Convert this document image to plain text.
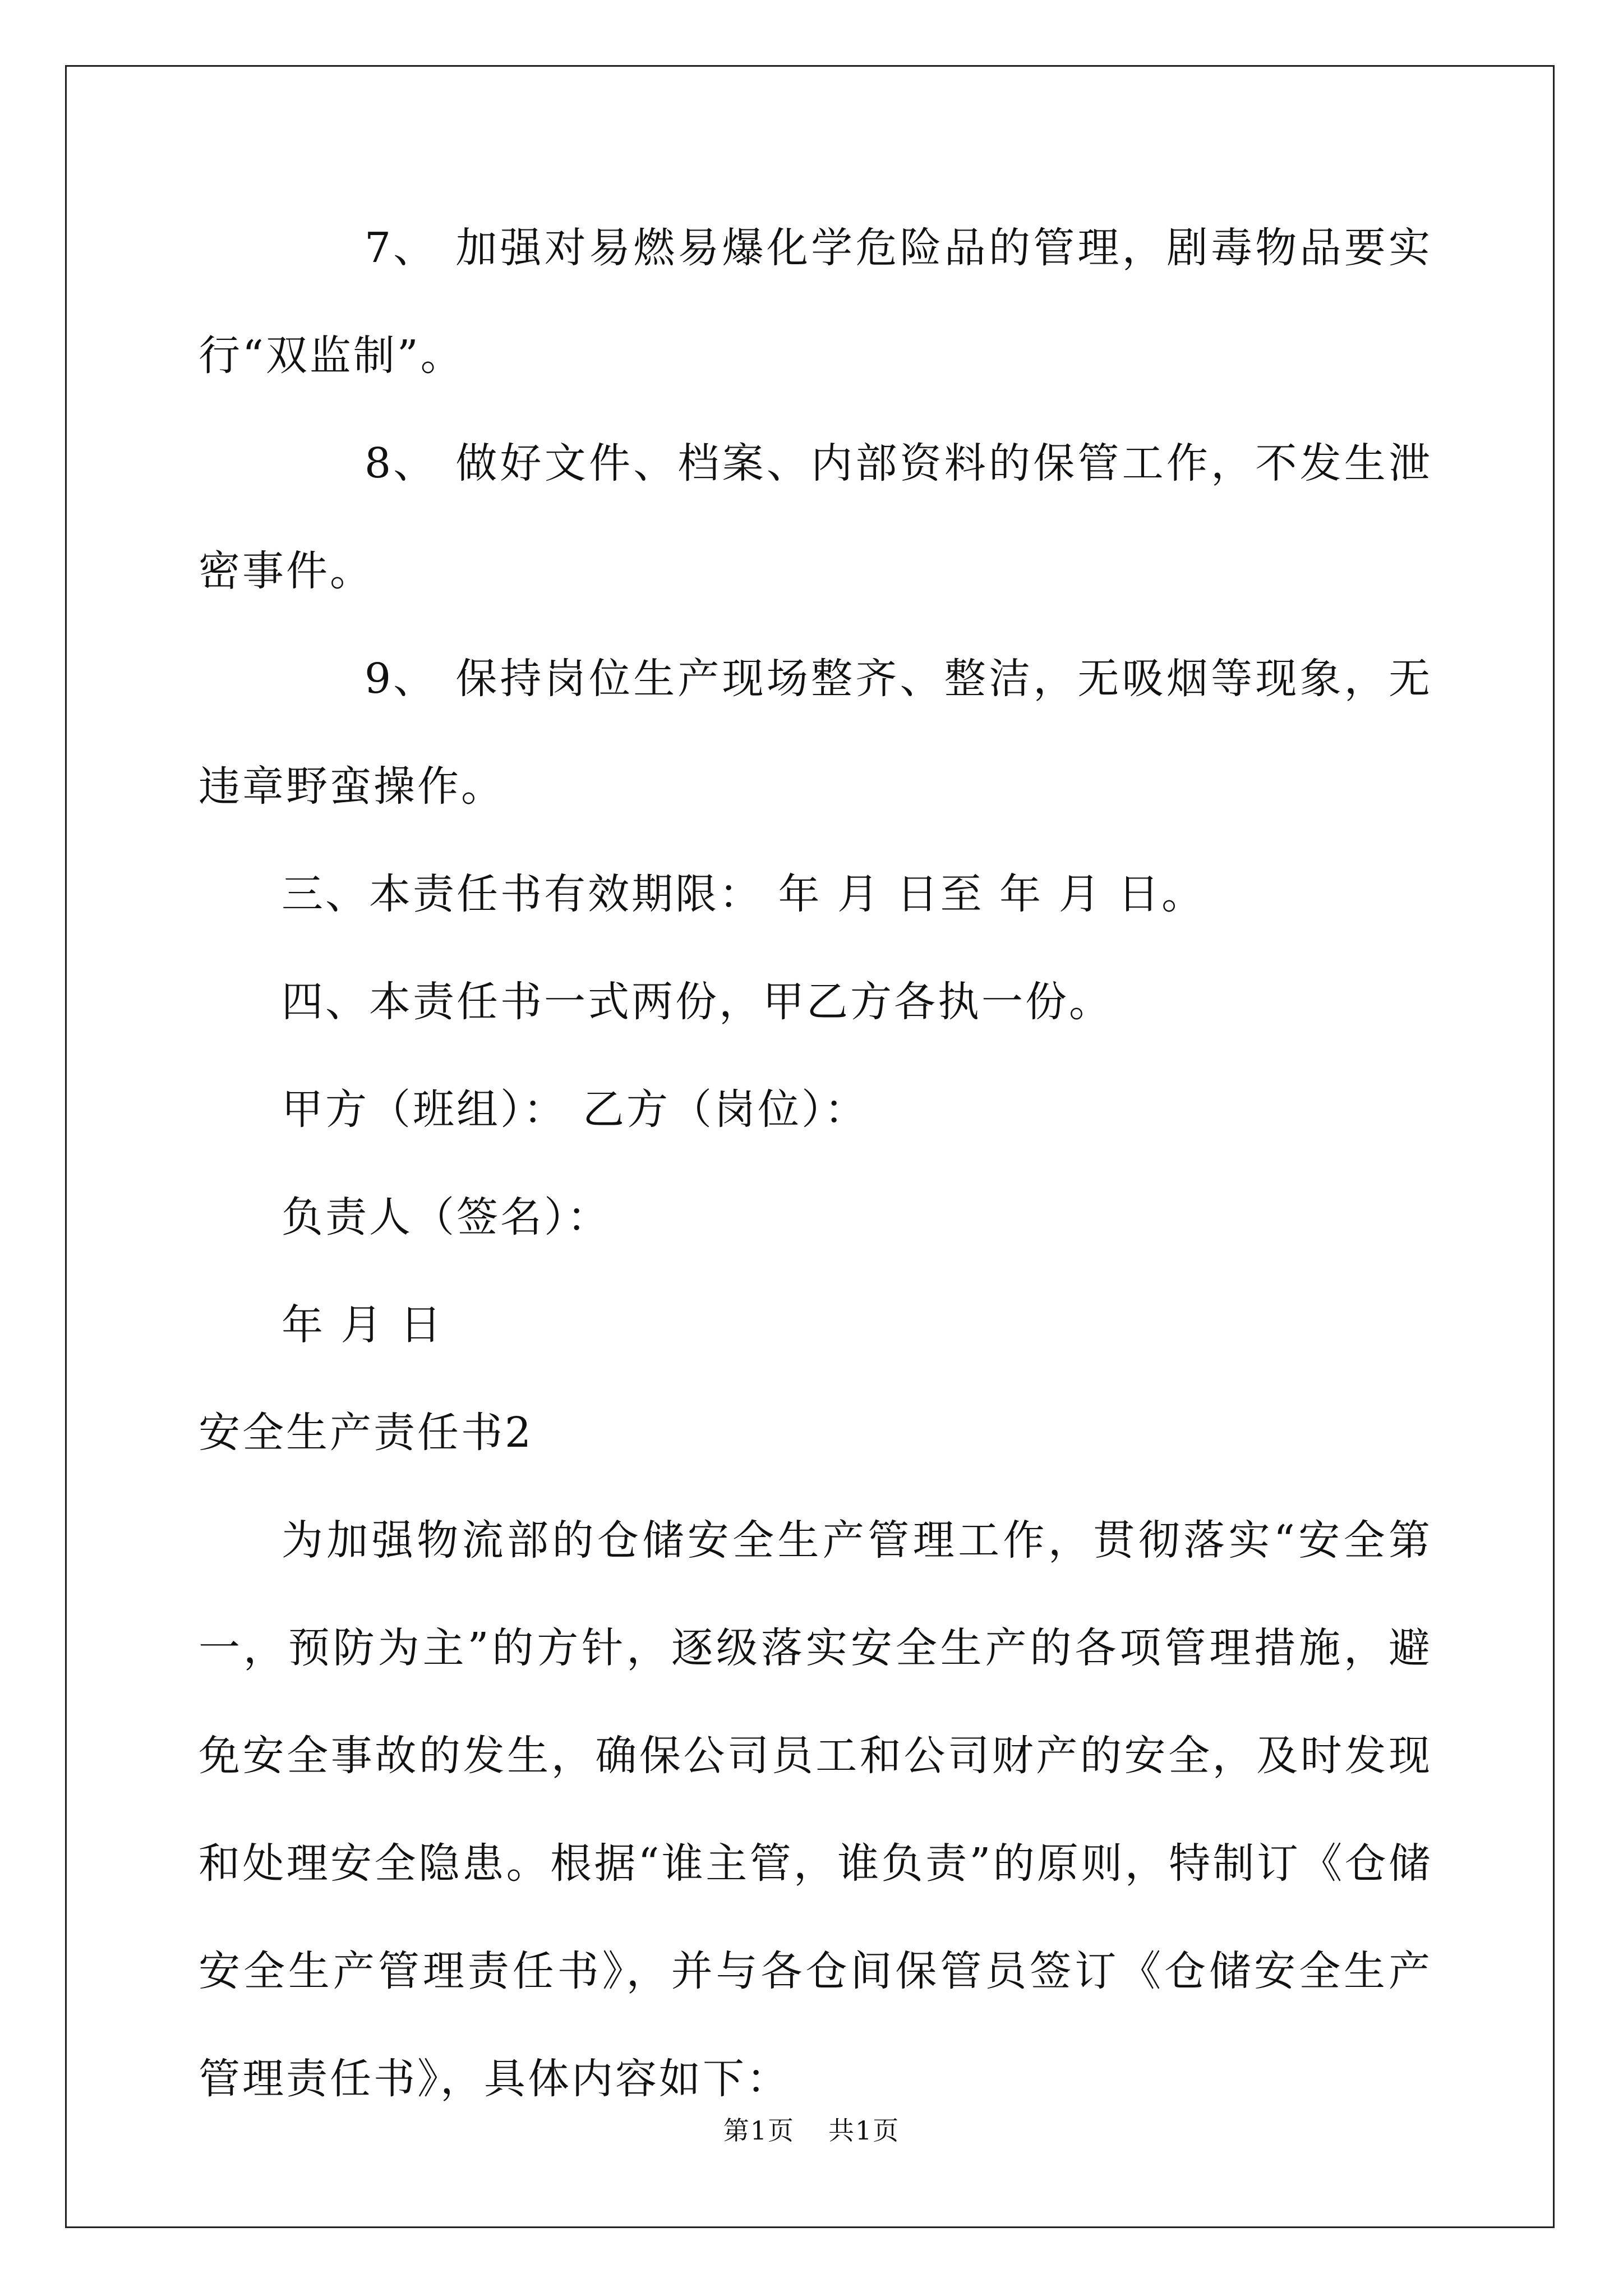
7、 加强对易燃易爆化学危险品的管理，剧毒物品要实行“双监制”。

8、 做好文件、档案、内部资料的保管工作，不发生泄密事件。

9、 保持岗位生产现场整齐、整洁，无吸烟等现象，无违章野蛮操作。

三、本责任书有效期限： 年 月 日至 年 月 日。

四、本责任书一式两份，甲乙方各执一份。

甲方（班组）： 乙方（岗位）：

负责人（签名）：

年 月 日

安全生产责任书2

为加强物流部的仓储安全生产管理工作，贯彻落实“安全第一，预防为主”的方针，逐级落实安全生产的各项管理措施，避免安全事故的发生，确保公司员工和公司财产的安全，及时发现和处理安全隐患。根据“谁主管，谁负责”的原则，特制订《仓储安全生产管理责任书》，并与各仓间保管员签订《仓储安全生产管理责任书》，具体内容如下：

第1页 共1页
